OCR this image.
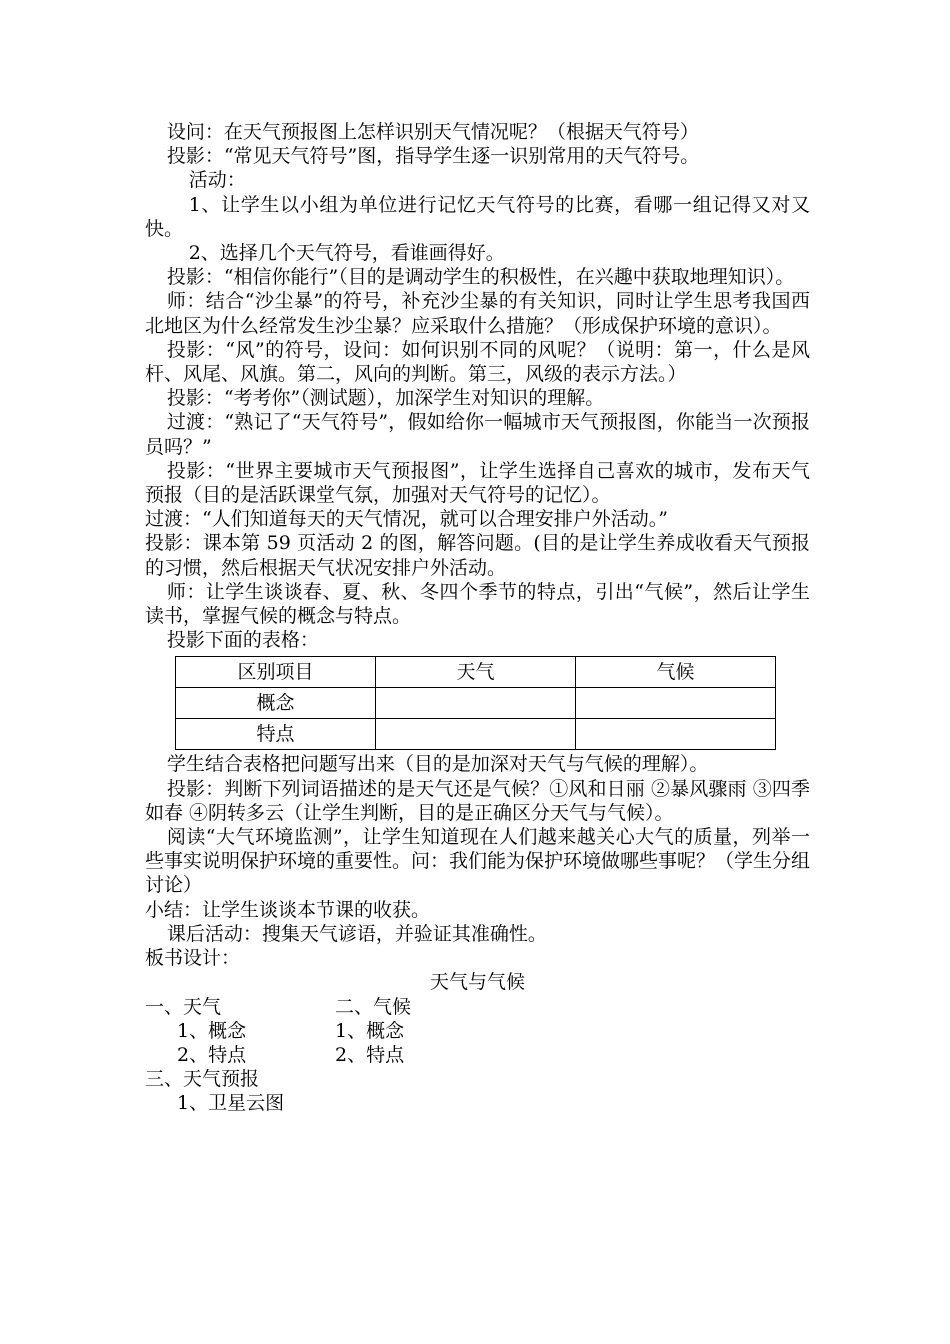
设问：在天气预报图上怎样识别天气情况呢？（根据天气符号）

投影：“常见天气符号”图，指导学生逐一识别常用的天气符号。

活动：

1、让学生以小组为单位进行记忆天气符号的比赛，看哪一组记得又对又快。

2、选择几个天气符号，看谁画得好。

投影：“相信你能行”（目的是调动学生的积极性，在兴趣中获取地理知识）。

师：结合“沙尘暴”的符号，补充沙尘暴的有关知识，同时让学生思考我国西北地区为什么经常发生沙尘暴？应采取什么措施？（形成保护环境的意识）。

投影：“风”的符号，设问：如何识别不同的风呢？（说明：第一，什么是风杆、风尾、风旗。第二，风向的判断。第三，风级的表示方法。）

投影：“考考你”（测试题），加深学生对知识的理解。

过渡：“熟记了“天气符号”，假如给你一幅城市天气预报图，你能当一次预报员吗？”

投影：“世界主要城市天气预报图”，让学生选择自己喜欢的城市，发布天气预报（目的是活跃课堂气氛，加强对天气符号的记忆）。

过渡：“人们知道每天的天气情况，就可以合理安排户外活动。”

投影：课本第 59 页活动 2 的图，解答问题。(目的是让学生养成收看天气预报的习惯，然后根据天气状况安排户外活动。

师：让学生谈谈春、夏、秋、冬四个季节的特点，引出“气候”，然后让学生读书，掌握气候的概念与特点。

投影下面的表格：

区别项目	天气	气候
概念		
特点		

学生结合表格把问题写出来（目的是加深对天气与气候的理解）。

投影：判断下列词语描述的是天气还是气候？①风和日丽 ②暴风骤雨 ③四季如春 ④阴转多云（让学生判断，目的是正确区分天气与气候）。

阅读“大气环境监测”，让学生知道现在人们越来越关心大气的质量，列举一些事实说明保护环境的重要性。问：我们能为保护环境做哪些事呢？（学生分组讨论）

小结：让学生谈谈本节课的收获。

课后活动：搜集天气谚语，并验证其准确性。

板书设计：

天气与气候

一、天气	二、气候
1、概念	1、概念
2、特点	2、特点

三、天气预报

1、卫星云图
